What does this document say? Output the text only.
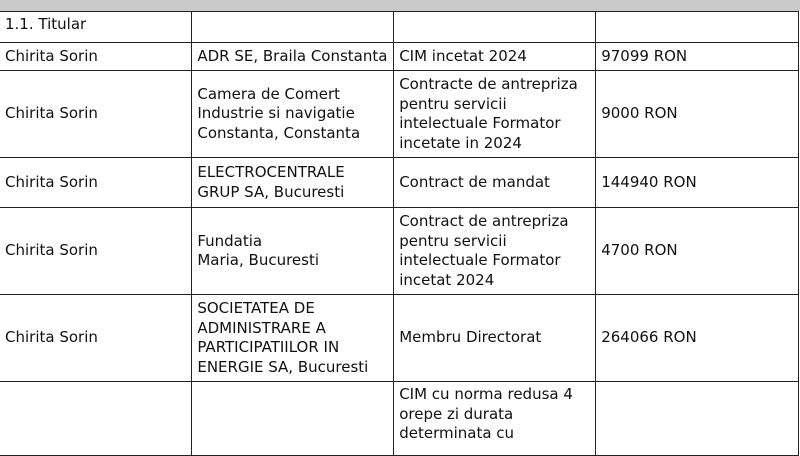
1.1. Titular			
Chirita Sorin	ADR SE, Braila Constanta	CIM incetat 2024	97099 RON
Chirita Sorin	Camera de Comert
Industrie si navigatie
Constanta, Constanta	Contracte de antrepriza
pentru servicii
intelectuale Formator
incetate in 2024	9000 RON
Chirita Sorin	ELECTROCENTRALE
GRUP SA, Bucuresti	Contract de mandat	144940 RON
Chirita Sorin	Fundatia
Maria, Bucuresti	Contract de antrepriza
pentru servicii
intelectuale Formator
incetat 2024	4700 RON
Chirita Sorin	SOCIETATEA DE
ADMINISTRARE A
PARTICIPATIILOR IN
ENERGIE SA, Bucuresti	Membru Directorat	264066 RON

		CIM cu norma redusa 4
orepe zi durata
determinata cu	
